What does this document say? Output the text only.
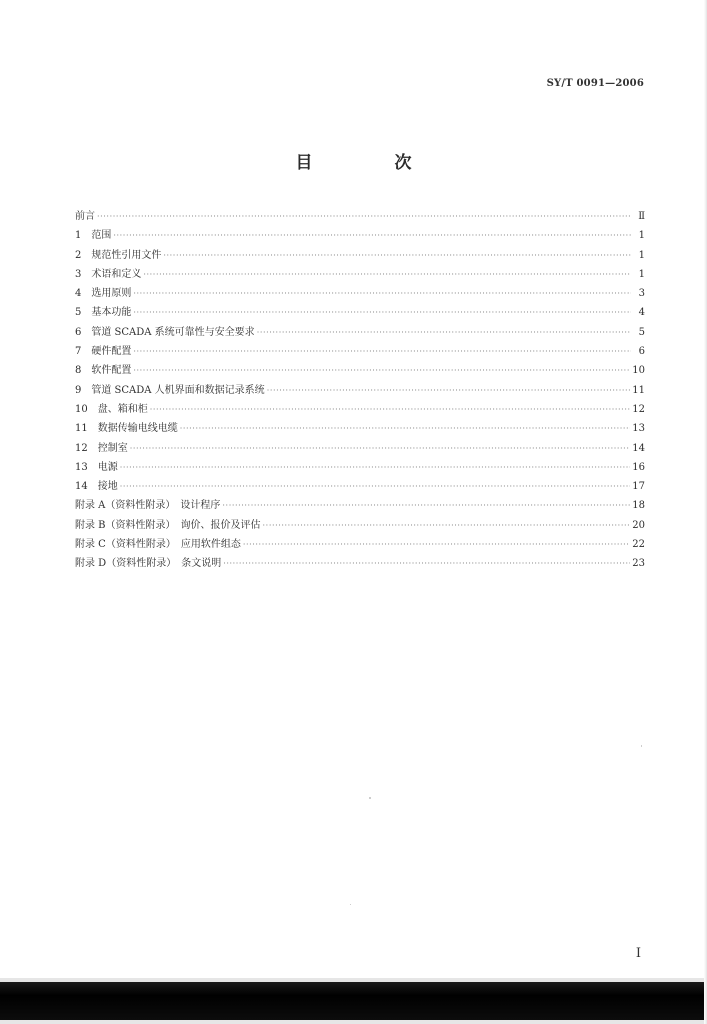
SY/T 0091—2006
目 次
前言 ·····	Ⅱ
1　范围 ·····	1
2　规范性引用文件 ·····	1
3　术语和定义 ·····	1
4　选用原则 ·····	3
5　基本功能 ·····	4
6　管道 SCADA 系统可靠性与安全要求 ·····	5
7　硬件配置 ·····	6
8　软件配置 ·····	10
9　管道 SCADA 人机界面和数据记录系统 ·····	11
10　盘、箱和柜 ·····	12
11　数据传输电线电缆 ·····	13
12　控制室 ·····	14
13　电源 ·····	16
14　接地 ·····	17
附录 A（资料性附录）　设计程序 ·····	18
附录 B（资料性附录）　询价、报价及评估 ·····	20
附录 C（资料性附录）　应用软件组态 ·····	22
附录 D（资料性附录）　条文说明 ·····	23
I
